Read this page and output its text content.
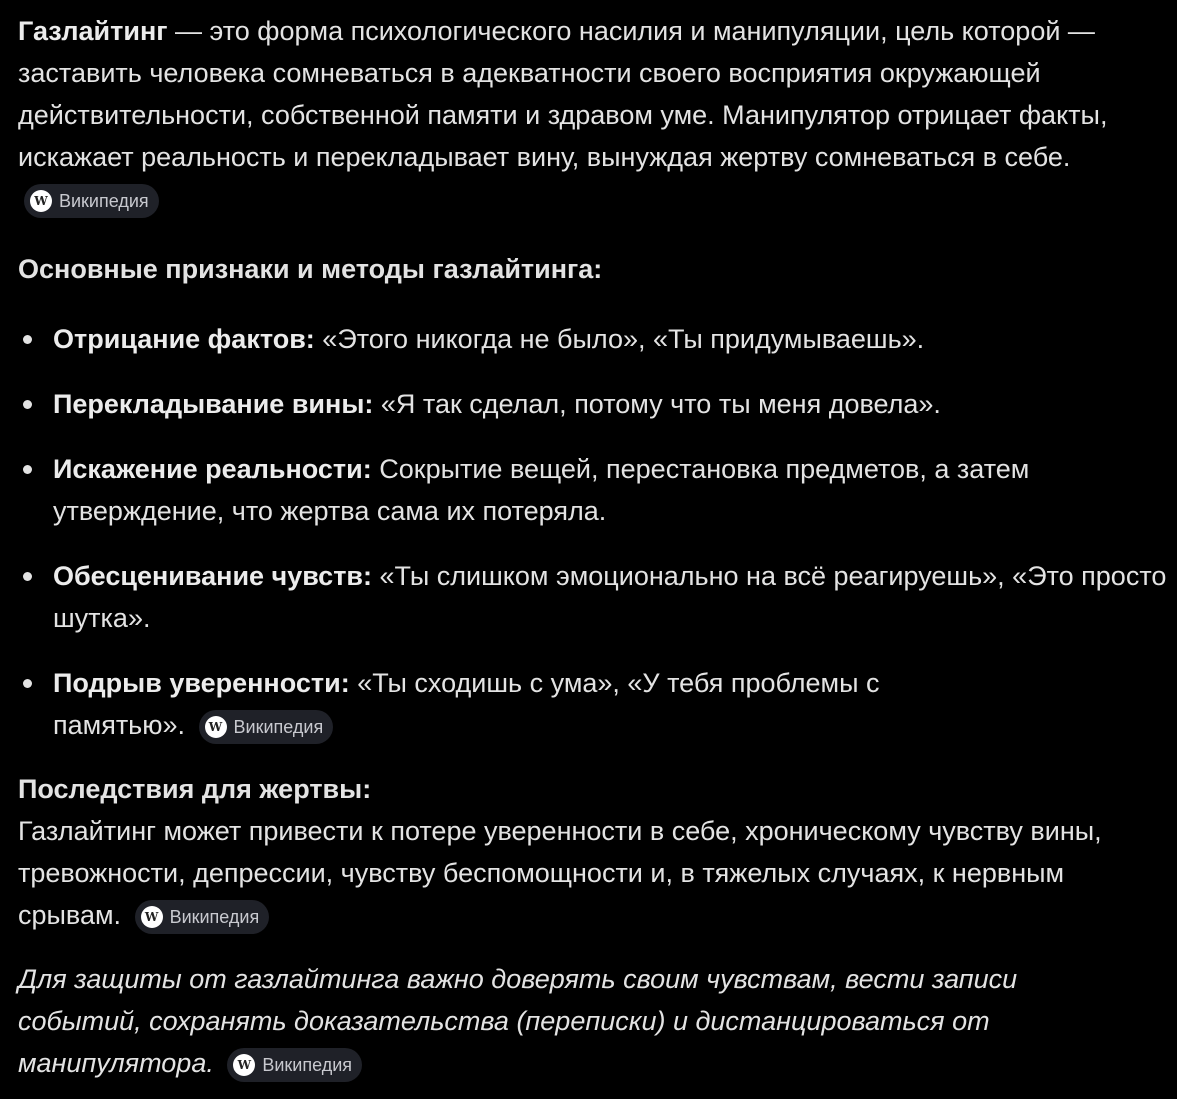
Газлайтинг — это форма психологического насилия и манипуляции, цель которой — заставить человека сомневаться в адекватности своего восприятия окружающей действительности, собственной памяти и здравом уме. Манипулятор отрицает факты, искажает реальность и перекладывает вину, вынуждая жертву сомневаться в себе.
W Википедия

Основные признаки и методы газлайтинга:

Отрицание фактов: «Этого никогда не было», «Ты придумываешь».
Перекладывание вины: «Я так сделал, потому что ты меня довела».
Искажение реальности: Сокрытие вещей, перестановка предметов, а затем утверждение, что жертва сама их потеряла.
Обесценивание чувств: «Ты слишком эмоционально на всё реагируешь», «Это просто шутка».
Подрыв уверенности: «Ты сходишь с ума», «У тебя проблемы с памятью».	W Википедия

Последствия для жертвы:

Газлайтинг может привести к потере уверенности в себе, хроническому чувству вины, тревожности, депрессии, чувству беспомощности и, в тяжелых случаях, к нервным срывам.	W Википедия

Для защиты от газлайтинга важно доверять своим чувствам, вести записи событий, сохранять доказательства (переписки) и дистанцироваться от манипулятора.	W Википедия
